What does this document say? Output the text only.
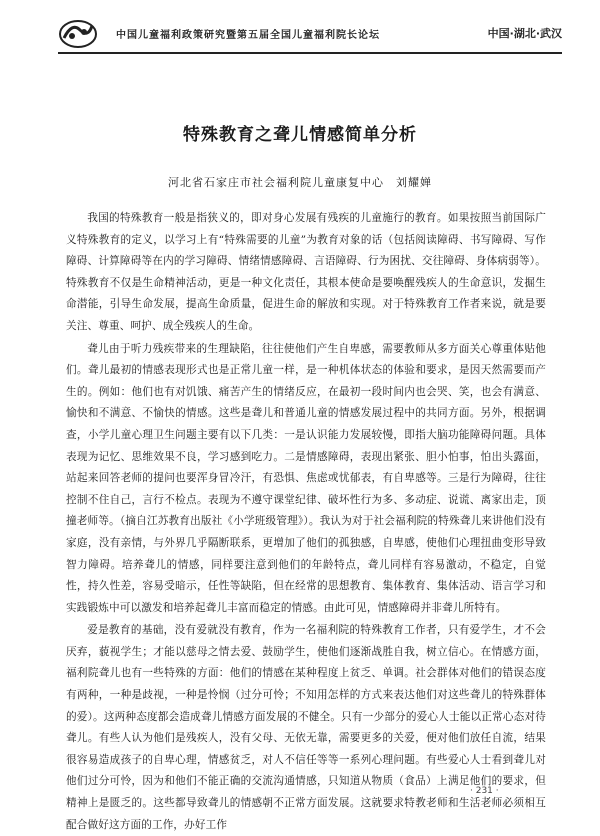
中国儿童福利政策研究暨第五届全国儿童福利院长论坛	中国·湖北·武汉
特殊教育之聋儿情感简单分析
河北省石家庄市社会福利院儿童康复中心　刘耀婵

我国的特殊教育一般是指狭义的，即对身心发展有残疾的儿童施行的教育。如果按照当前国际广义特殊教育的定义，以学习上有“特殊需要的儿童”为教育对象的话（包括阅读障碍、书写障碍、写作障碍、计算障碍等在内的学习障碍、情绪情感障碍、言语障碍、行为困扰、交往障碍、身体病弱等）。特殊教育不仅是生命精神活动，更是一种文化责任，其根本使命是要唤醒残疾人的生命意识，发掘生命潜能，引导生命发展，提高生命质量，促进生命的解放和实现。对于特殊教育工作者来说，就是要关注、尊重、呵护、成全残疾人的生命。

聋儿由于听力残疾带来的生理缺陷，往往使他们产生自卑感，需要教师从多方面关心尊重体贴他们。聋儿最初的情感表现形式也是正常儿童一样，是一种机体状态的体验和要求，是因天然需要而产生的。例如：他们也有对饥饿、痛苦产生的情绪反应，在最初一段时间内也会哭、笑，也会有满意、愉快和不满意、不愉快的情感。这些是聋儿和普通儿童的情感发展过程中的共同方面。另外，根据调查，小学儿童心理卫生问题主要有以下几类：一是认识能力发展较慢，即指大脑功能障碍问题。具体表现为记忆、思维效果不良，学习感到吃力。二是情感障碍，表现出紧张、胆小怕事，怕出头露面，站起来回答老师的提问也要浑身冒冷汗，有恐惧、焦虑或忧郁表，有自卑感等。三是行为障碍，往往控制不住自己，言行不检点。表现为不遵守课堂纪律、破坏性行为多、多动症、说谎、离家出走，顶撞老师等。（摘自江苏教育出版社《小学班级管理》）。我认为对于社会福利院的特殊聋儿来讲他们没有家庭，没有亲情，与外界几乎隔断联系，更增加了他们的孤独感，自卑感，使他们心理扭曲变形导致智力障碍。培养聋儿的情感，同样要注意到他们的年龄特点，聋儿同样有容易激动，不稳定，自觉性，持久性差，容易受暗示，任性等缺陷，但在经常的思想教育、集体教育、集体活动、语言学习和实践锻炼中可以激发和培养起聋儿丰富而稳定的情感。由此可见，情感障碍并非聋儿所特有。

爱是教育的基础，没有爱就没有教育，作为一名福利院的特殊教育工作者，只有爱学生，才不会厌弃，藐视学生；才能以慈母之情去爱、鼓励学生，使他们逐渐战胜自我，树立信心。在情感方面，福利院聋儿也有一些特殊的方面：他们的情感在某种程度上贫乏、单调。社会群体对他们的错误态度有两种，一种是歧视，一种是怜悯（过分可怜；不知用怎样的方式来表达他们对这些聋儿的特殊群体的爱）。这两种态度都会造成聋儿情感方面发展的不健全。只有一少部分的爱心人士能以正常心态对待聋儿。有些人认为他们是残疾人，没有父母、无依无靠，需要更多的关爱，便对他们放任自流，结果很容易造成孩子的自卑心理，情感贫乏，对人不信任等等一系列心理问题。有些爱心人士看到聋儿对他们过分可怜，因为和他们不能正确的交流沟通情感，只知道从物质（食品）上满足他们的要求，但精神上是匮乏的。这些都导致聋儿的情感朝不正常方面发展。这就要求特教老师和生活老师必须相互配合做好这方面的工作，办好工作

· 231 ·
